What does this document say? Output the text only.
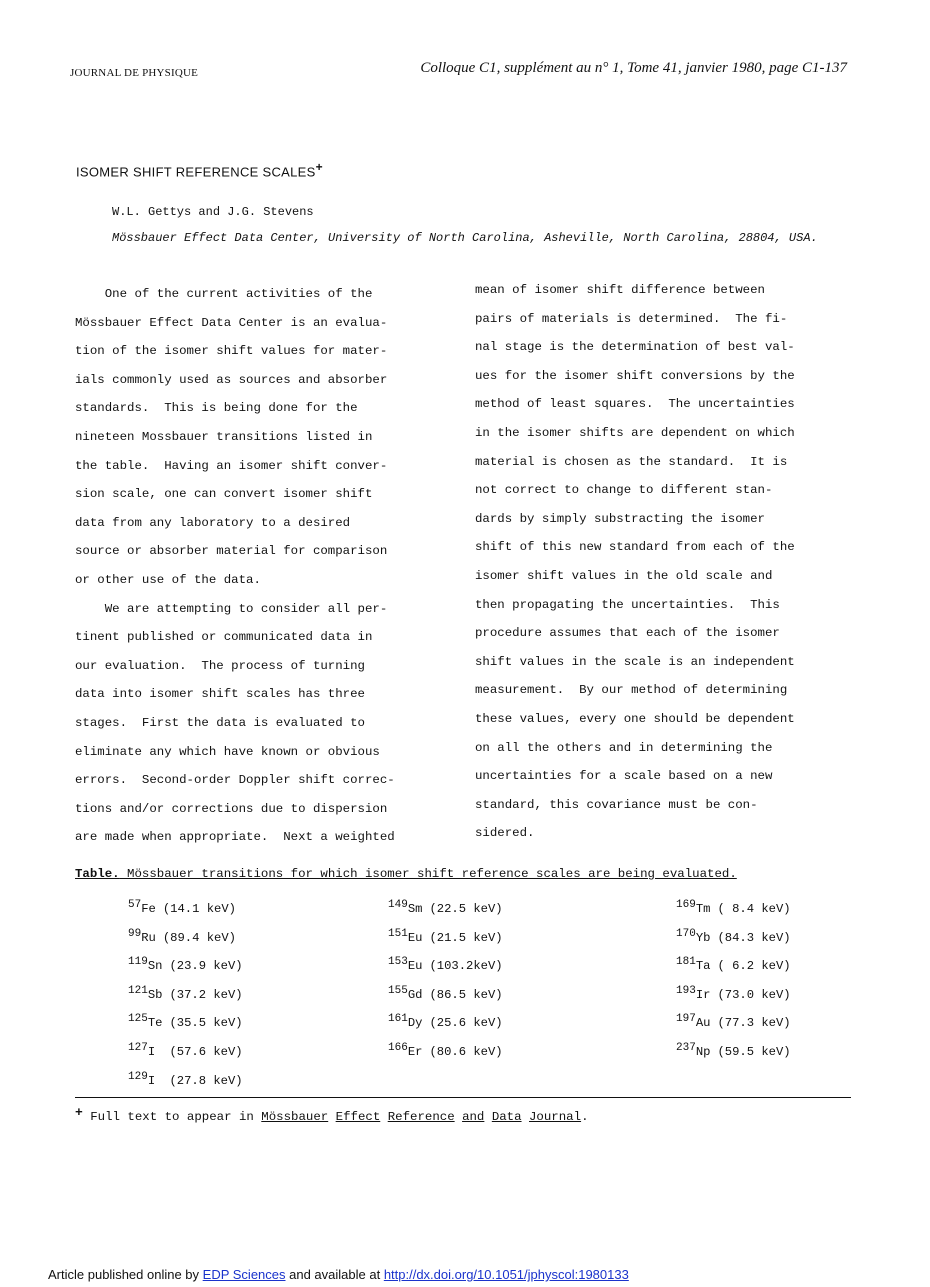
JOURNAL DE PHYSIQUE	Colloque C1, supplément au n° 1, Tome 41, janvier 1980, page C1-137
ISOMER SHIFT REFERENCE SCALES+
W.L. Gettys and J.G. Stevens
Mössbauer Effect Data Center, University of North Carolina, Asheville, North Carolina, 28804, USA.
One of the current activities of the
Mössbauer Effect Data Center is an evalua-
tion of the isomer shift values for mater-
ials commonly used as sources and absorber
standards.  This is being done for the
nineteen Mossbauer transitions listed in
the table.  Having an isomer shift conver-
sion scale, one can convert isomer shift
data from any laboratory to a desired
source or absorber material for comparison
or other use of the data.
We are attempting to consider all per-
tinent published or communicated data in
our evaluation.  The process of turning
data into isomer shift scales has three
stages.  First the data is evaluated to
eliminate any which have known or obvious
errors.  Second-order Doppler shift correc-
tions and/or corrections due to dispersion
are made when appropriate.  Next a weighted
mean of isomer shift difference between
pairs of materials is determined.  The fi-
nal stage is the determination of best val-
ues for the isomer shift conversions by the
method of least squares.  The uncertainties
in the isomer shifts are dependent on which
material is chosen as the standard.  It is
not correct to change to different stan-
dards by simply substracting the isomer
shift of this new standard from each of the
isomer shift values in the old scale and
then propagating the uncertainties.  This
procedure assumes that each of the isomer
shift values in the scale is an independent
measurement.  By our method of determining
these values, every one should be dependent
on all the others and in determining the
uncertainties for a scale based on a new
standard, this covariance must be con-
sidered.
Table. Mössbauer transitions for which isomer shift reference scales are being evaluated.
$^{57}$Fe (14.1 keV)
$^{99}$Ru (89.4 keV)
$^{119}$Sn (23.9 keV)
$^{121}$Sb (37.2 keV)
$^{125}$Te (35.5 keV)
$^{127}$I (57.6 keV)
$^{129}$I (27.8 keV)
$^{149}$Sm (22.5 keV)
$^{151}$Eu (21.5 keV)
$^{153}$Eu (103.2keV)
$^{155}$Gd (86.5 keV)
$^{161}$Dy (25.6 keV)
$^{166}$Er (80.6 keV)
$^{169}$Tm ( 8.4 keV)
$^{170}$Yb (84.3 keV)
$^{181}$Ta ( 6.2 keV)
$^{193}$Ir (73.0 keV)
$^{197}$Au (77.3 keV)
$^{237}$Np (59.5 keV)
+ Full text to appear in Mössbauer Effect Reference and Data Journal.
Article published online by EDP Sciences and available at http://dx.doi.org/10.1051/jphyscol:1980133
